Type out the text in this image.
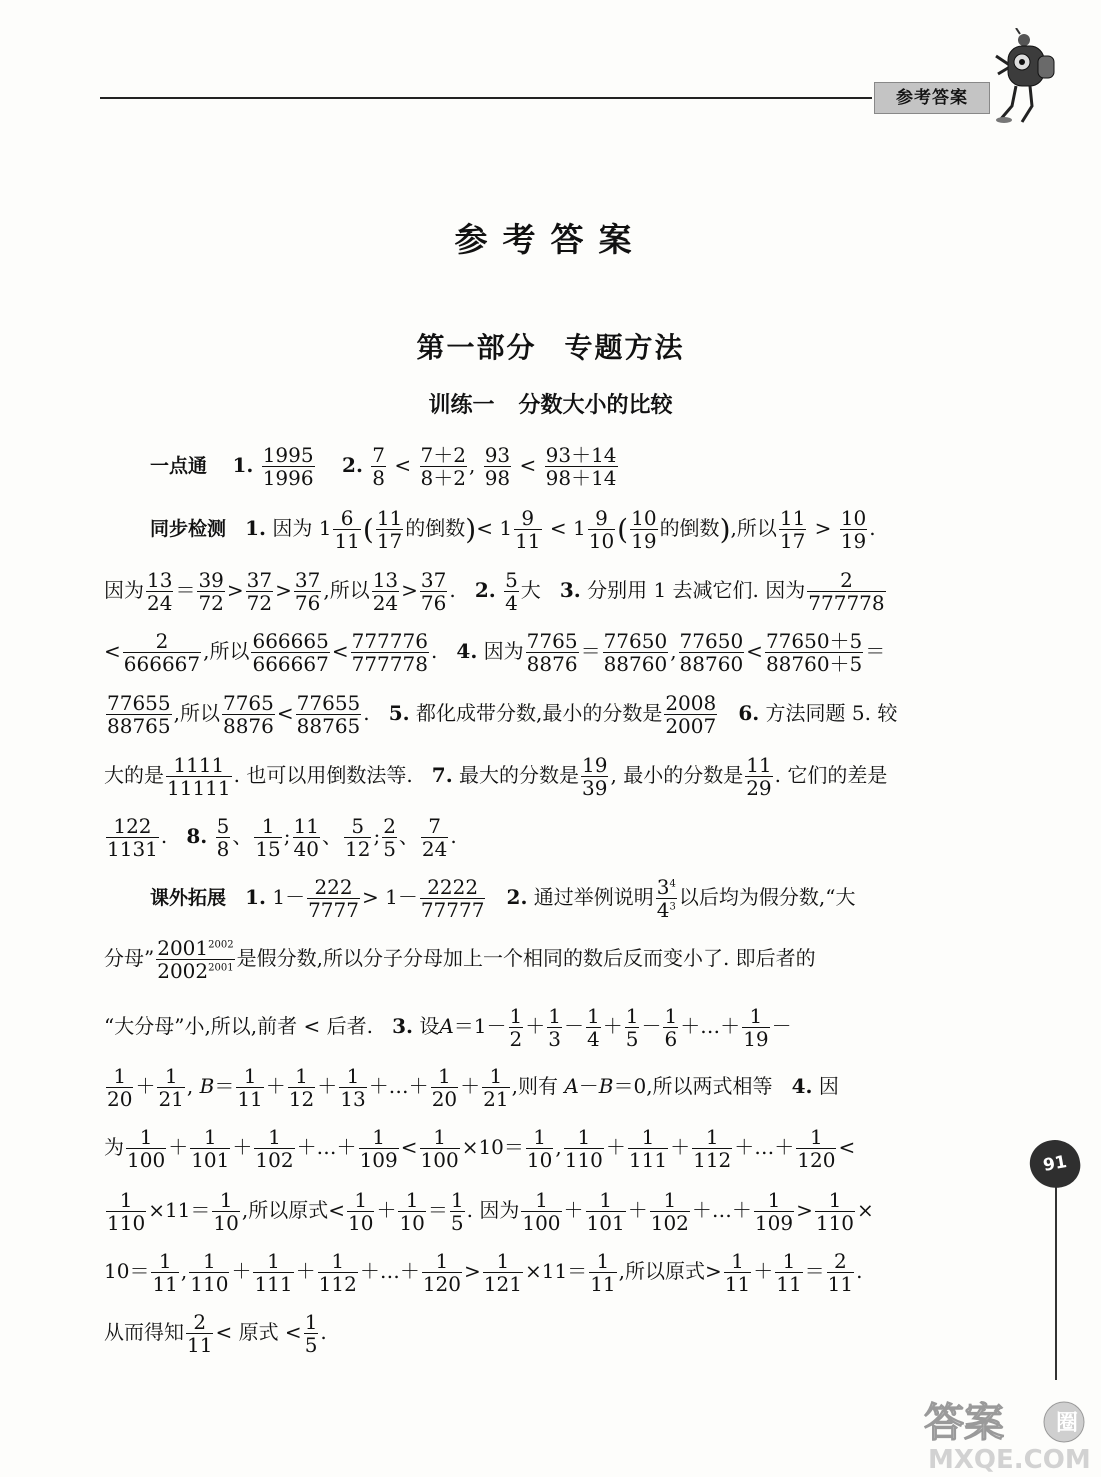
参考答案
参考答案
第一部分 专题方法
训练一 分数大小的比较
一点通 1. $\frac{1995}{1996} 2$. $\frac{7}{8} < \frac{7+2}{8+2}$ , $\frac{93}{98} < \frac{93+14}{98+14}$
同步检测 1. 因为 $1 \frac{6}{11}$ ( $\frac{11}{17}$ 的倒数)< $1 \frac{9}{11} < 1 \frac{9}{10}$ ( $\frac{10}{19}$ 的倒数),所以 $\frac{11}{17} > \frac{10}{19}$ .
因为 $\frac{13}{24} = \frac{39}{72} > \frac{37}{72} > \frac{37}{76}$ ,所以 $\frac{13}{24} > \frac{37}{76}$ .   2. $\frac{5}{4}$ 大   3. 分别用 1 去减它们. 因为 $\frac{2}{777778}$
< $\frac{2}{666667}$ ,所以 $\frac{666665}{666667} < \frac{777776}{777778}$ .   4. 因为 $\frac{7765}{8876} = \frac{77650}{88760}$ , $\frac{77650}{88760} < \frac{77650+5}{88760+5}$ ＝
$\frac{77655}{88765}$ ,所以 $\frac{7765}{8876} < \frac{77655}{88765}$ .   5. 都化成带分数,最小的分数是 $\frac{2008}{2007} 6$. 方法同题 5. 较
大的是 $\frac{1111}{11111}$ . 也可以用倒数法等.   7. 最大的分数是 $\frac{19}{39}$ , 最小的分数是 $\frac{11}{29}$ . 它们的差是
$\frac{122}{1131}$ .   8. $\frac{5}{8}$ 、 $\frac{1}{15}$ ; $\frac{11}{40}$ 、 $\frac{5}{12}$ ; $\frac{2}{5}$ 、 $\frac{7}{24}$ .
课外拓展 1. $1- \frac{222}{7777} > 1- \frac{2222}{77777} 2$. 通过举例说明 $\frac{3^4}{4^3}$ 以后均为假分数,“大
分母” $\frac{2001^{2002}}{2002^{2001}}$ 是假分数,所以分子分母加上一个相同的数后反而变小了. 即后者的
“大分母”小,所以,前者 < 后者.   3. 设$A=1- \frac{1}{2} + \frac{1}{3} - \frac{1}{4} + \frac{1}{5} - \frac{1}{6}$ ＋…＋ $\frac{1}{19}$ －
$\frac{1}{20} + \frac{1}{21}$ , $B= \frac{1}{11} + \frac{1}{12} + \frac{1}{13}$ ＋…＋ $\frac{1}{20} + \frac{1}{21}$ ,则有 A－B＝0,所以两式相等   4. 因
为 $\frac{1}{100} + \frac{1}{101} + \frac{1}{102}$ ＋…＋ $\frac{1}{109} < \frac{1}{100} \times 10= \frac{1}{10}$ , $\frac{1}{110} + \frac{1}{111} + \frac{1}{112}$ ＋…＋ $\frac{1}{120}$ <
$\frac{1}{110} \times 11= \frac{1}{10}$ ,所以原式< $\frac{1}{10} + \frac{1}{10} = \frac{1}{5}$ . 因为 $\frac{1}{100} + \frac{1}{101} + \frac{1}{102}$ ＋…＋ $\frac{1}{109} > \frac{1}{110}$ ×
$10= \frac{1}{11}$ , $\frac{1}{110} + \frac{1}{111} + \frac{1}{112}$ ＋…＋ $\frac{1}{120} > \frac{1}{121} \times 11= \frac{1}{11}$ ,所以原式> $\frac{1}{11} + \frac{1}{11} = \frac{2}{11}$ .
从而得知 $\frac{2}{11}$ < 原式 < $\frac{1}{5}$ .
91
答案 圈
MXQE.COM
